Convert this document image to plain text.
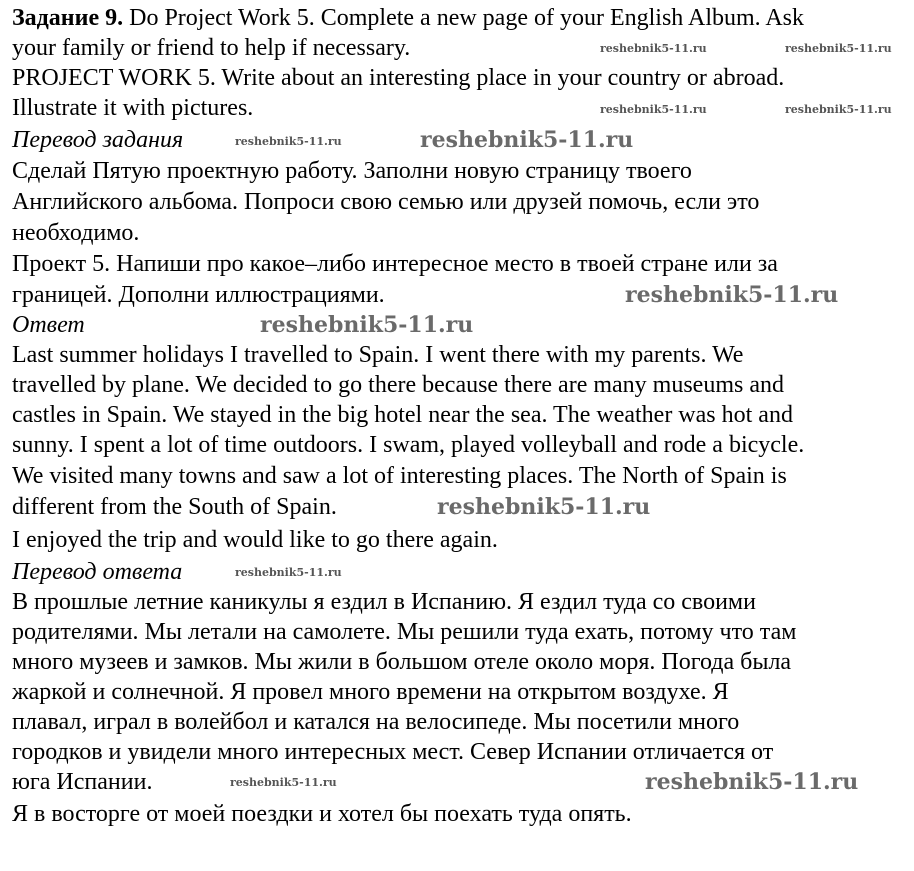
Задание 9. Do Project Work 5. Complete a new page of your English Album. Ask
your family or friend to help if necessary.
PROJECT WORK 5. Write about an interesting place in your country or abroad.
Illustrate it with pictures.
Перевод задания
Сделай Пятую проектную работу. Заполни новую страницу твоего
Английского альбома. Попроси свою семью или друзей помочь, если это
необходимо.
Проект 5. Напиши про какое–либо интересное место в твоей стране или за
границей. Дополни иллюстрациями.
Ответ
Last summer holidays I travelled to Spain. I went there with my parents. We
travelled by plane. We decided to go there because there are many museums and
castles in Spain. We stayed in the big hotel near the sea. The weather was hot and
sunny. I spent a lot of time outdoors. I swam, played volleyball and rode a bicycle.
We visited many towns and saw a lot of interesting places. The North of Spain is
different from the South of Spain.
I enjoyed the trip and would like to go there again.
Перевод ответа
В прошлые летние каникулы я ездил в Испанию. Я ездил туда со своими
родителями. Мы летали на самолете. Мы решили туда ехать, потому что там
много музеев и замков. Мы жили в большом отеле около моря. Погода была
жаркой и солнечной. Я провел много времени на открытом воздухе. Я
плавал, играл в волейбол и катался на велосипеде. Мы посетили много
городков и увидели много интересных мест. Север Испании отличается от
юга Испании.
Я в восторге от моей поездки и хотел бы поехать туда опять.
reshebnik5-11.ru
reshebnik5-11.ru
reshebnik5-11.ru	reshebnik5-11.ru
reshebnik5-11.ru
reshebnik5-11.ru
reshebnik5-11.ru
reshebnik5-11.ru
reshebnik5-11.ru
reshebnik5-11.ru
reshebnik5-11.ru
reshebnik5-11.ru
